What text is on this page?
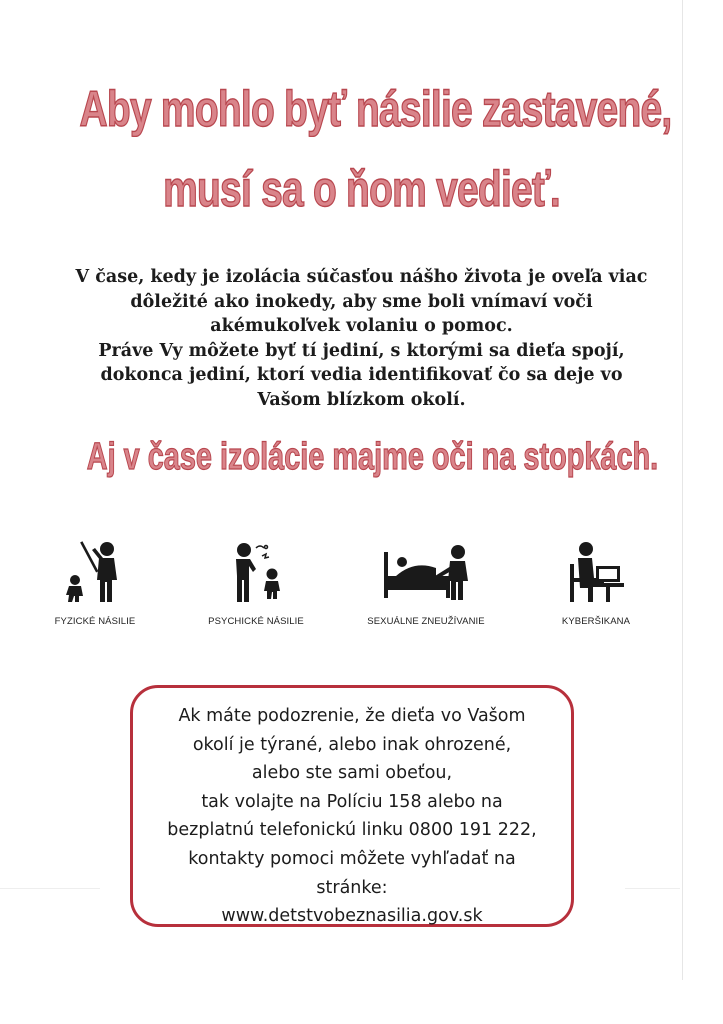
Aby mohlo byť násilie zastavené,
musí sa o ňom vedieť.

V čase, kedy je izolácia súčasťou nášho života je oveľa viac

dôležité ako inokedy, aby sme boli vnímaví voči

akémukoľvek volaniu o pomoc.

Práve Vy môžete byť tí jediní, s ktorými sa dieťa spojí,

dokonca jediní, ktorí vedia identifikovať čo sa deje vo

Vašom blízkom okolí.

Aj v čase izolácie majme oči na stopkách.
FYZICKÉ NÁSILIE	PSYCHICKÉ NÁSILIE	SEXUÁLNE ZNEUŽÍVANIE	KYBERŠIKANA

Ak máte podozrenie, že dieťa vo Vašom

okolí je týrané, alebo inak ohrozené,

alebo ste sami obeťou,

tak volajte na Políciu 158 alebo na

bezplatnú telefonickú linku 0800 191 222,

kontakty pomoci môžete vyhľadať na

stránke:

www.detstvobeznasilia.gov.sk
